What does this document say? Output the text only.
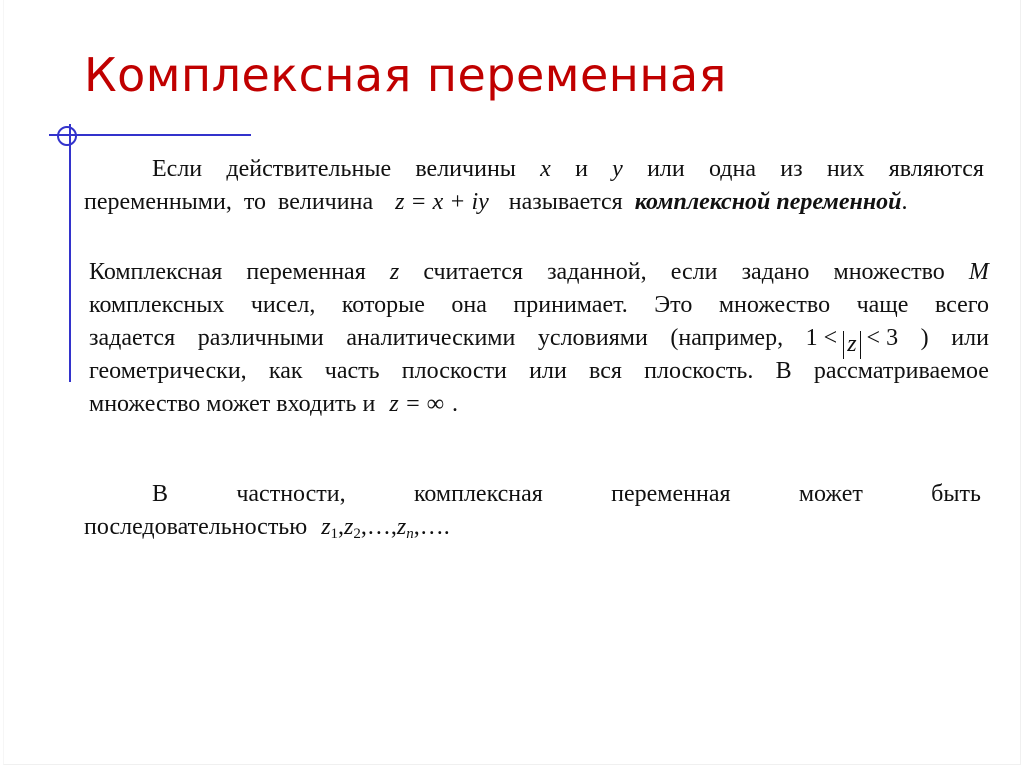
Комплексная переменная
Если действительные величины x и y или одна из них являются
переменными, то величина z = x + iy называется комплексной переменной.
Комплексная переменная z считается заданной, если задано множество M
комплексных чисел, которые она принимает. Это множество чаще всего
задается различными аналитическими условиями (например, 1 < z < 3 ) или
геометрически, как часть плоскости или вся плоскость. В рассматриваемое
множество может входить и z = ∞ .
В	частности,	комплексная	переменная	может	быть
последовательностью $z_1,z_2,\dots,z_n,\dots$.
